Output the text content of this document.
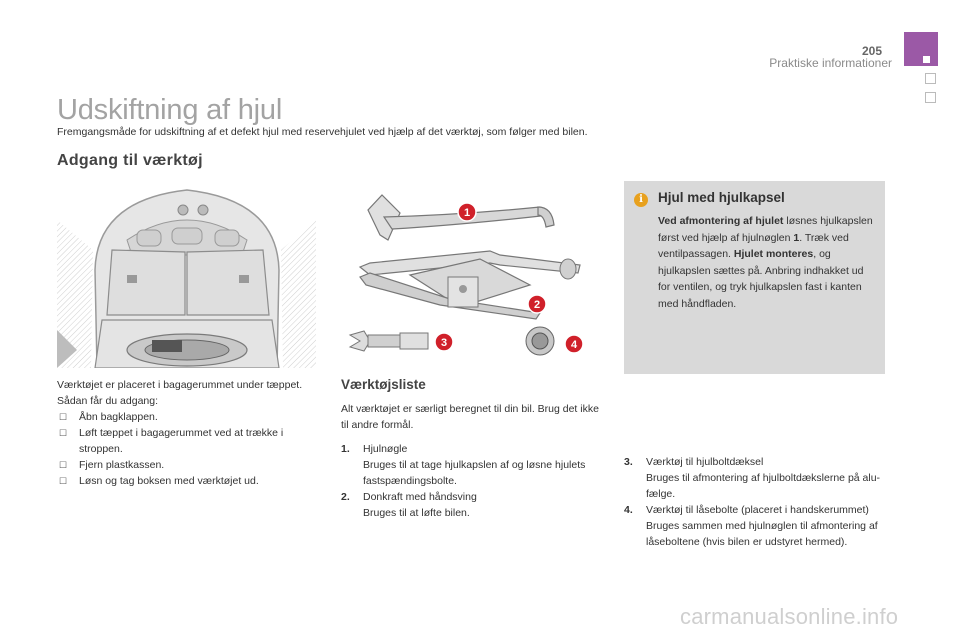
205
Praktiske informationer
Udskiftning af hjul
Fremgangsmåde for udskiftning af et defekt hjul med reservehjulet ved hjælp af det værktøj, som følger med bilen.
Adgang til værktøj
1
2
3	4

Værktøjet er placeret i bagagerummet under tæppet.

Sådan får du adgang:

☐ Åbn bagklappen.
☐ Løft tæppet i bagagerummet ved at trække i stroppen.
☐ Fjern plastkassen.
☐ Løsn og tag boksen med værktøjet ud.
Værktøjsliste
Alt værktøjet er særligt beregnet til din bil. Brug det ikke til andre formål.
1. Hjulnøgle
Bruges til at tage hjulkapslen af og løsne hjulets fastspændingsbolte.
2. Donkraft med håndsving
Bruges til at løfte bilen.
3. Værktøj til hjulboltdæksel
Bruges til afmontering af hjulboltdækslerne på alu-fælge.
4. Værktøj til låsebolte (placeret i handskerummet)
Bruges sammen med hjulnøglen til afmontering af låseboltene (hvis bilen er udstyret hermed).
i	Hjul med hjulkapsel

Ved afmontering af hjulet løsnes hjulkapslen først ved hjælp af hjulnøglen 1. Træk ved ventilpassagen. Hjulet monteres, og hjulkapslen sættes på. Anbring indhakket ud for ventilen, og tryk hjulkapslen fast i kanten med håndfladen.

carmanualsonline.info
